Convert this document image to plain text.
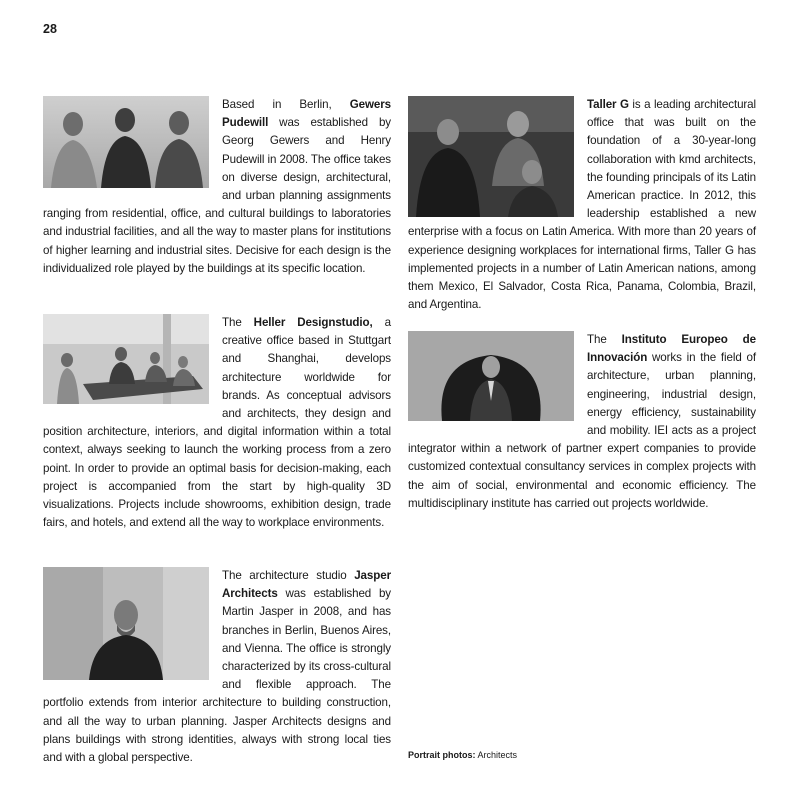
28

Based in Berlin, Gewers Pudewill was established by Georg Gewers and Henry Pudewill in 2008. The office takes on diverse design, architectural, and urban planning assignments ranging from residential, office, and cultural buildings to laboratories and industrial facilities, and all the way to master plans for institutions of higher learning and industrial sites. Decisive for each design is the individualized role played by the buildings at its specific location.

The Heller Designstudio, a creative office based in Stuttgart and Shanghai, develops architecture worldwide for brands. As conceptual advisors and architects, they design and position architecture, interiors, and digital information within a total context, always seeking to launch the working process from a zero point. In order to provide an optimal basis for decision-making, each project is accompanied from the start by high-quality 3D visualizations. Projects include showrooms, exhibition design, trade fairs, and hotels, and extend all the way to workplace environments.

The architecture studio Jasper Architects was established by Martin Jasper in 2008, and has branches in Berlin, Buenos Aires, and Vienna. The office is strongly characterized by its cross-cultural and flexible approach. The portfolio extends from interior architecture to building construction, and all the way to urban planning. Jasper Architects designs and plans buildings with strong identities, always with strong local ties and with a global perspective.

Taller G is a leading architectural office that was built on the foundation of a 30-year-long collaboration with kmd architects, the founding principals of its Latin American practice. In 2012, this leadership established a new enterprise with a focus on Latin America. With more than 20 years of experience designing workplaces for international firms, Taller G has implemented projects in a number of Latin American nations, among them Mexico, El Salvador, Costa Rica, Panama, Colombia, Brazil, and Argentina.

The Instituto Europeo de Innovación works in the field of architecture, urban planning, engineering, industrial design, energy efficiency, sustainability and mobility. IEI acts as a project integrator within a network of partner expert companies to provide customized contextual consultancy services in complex projects with the aim of social, environmental and economic efficiency. The multidisciplinary institute has carried out projects worldwide.

Portrait photos: Architects
